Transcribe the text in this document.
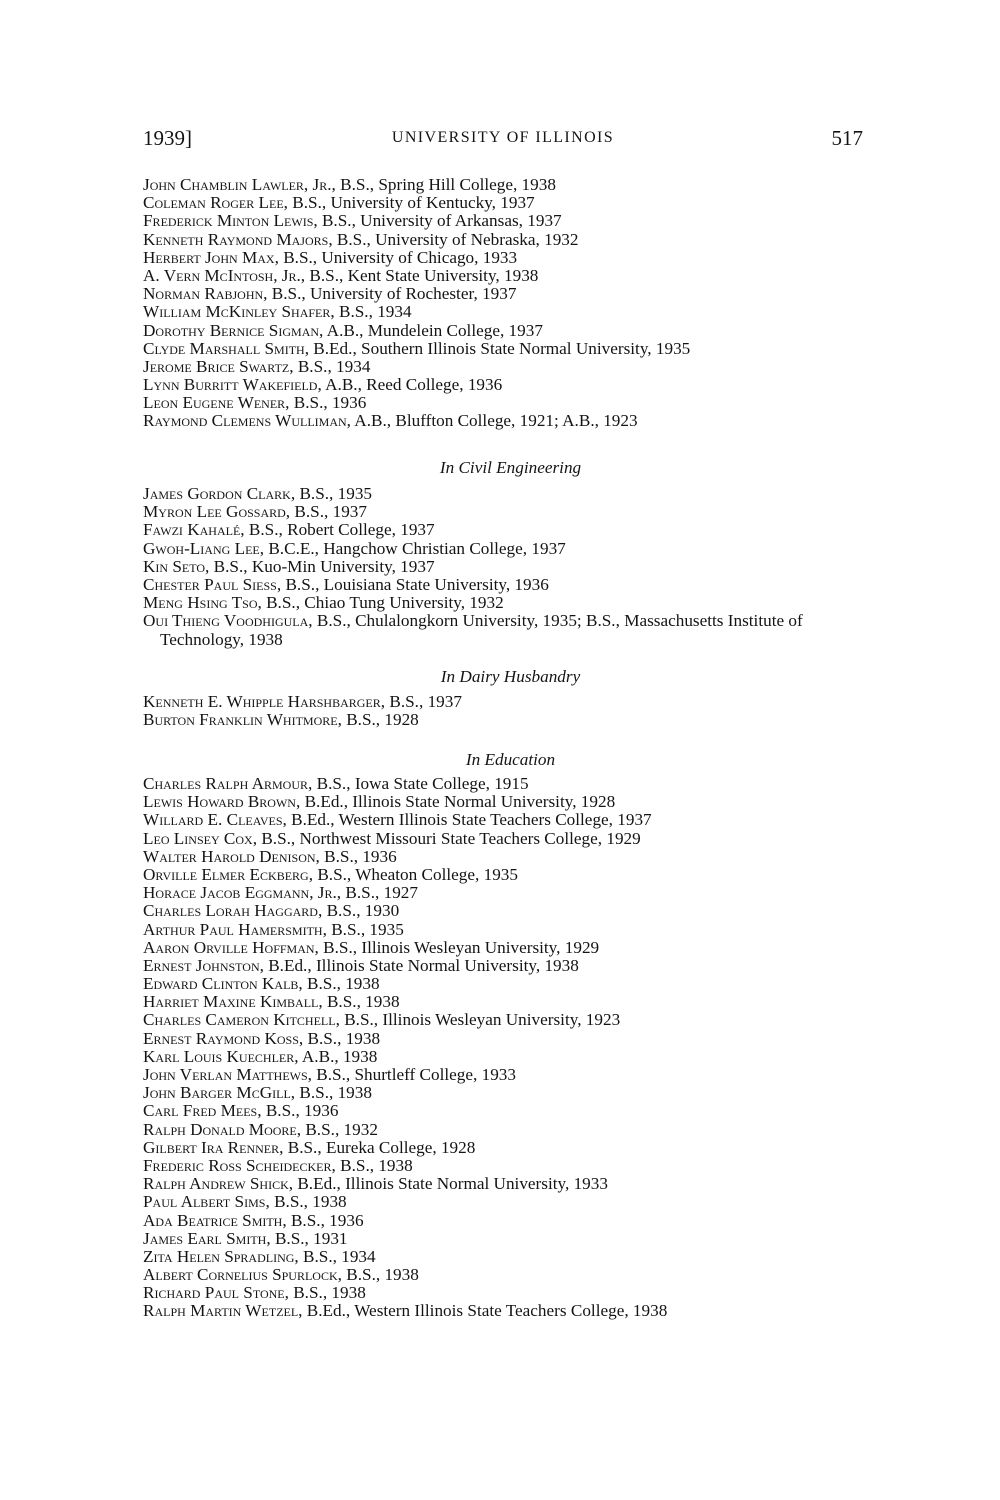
1939]	UNIVERSITY OF ILLINOIS	517
John Chamblin Lawler, Jr., B.S., Spring Hill College, 1938
Coleman Roger Lee, B.S., University of Kentucky, 1937
Frederick Minton Lewis, B.S., University of Arkansas, 1937
Kenneth Raymond Majors, B.S., University of Nebraska, 1932
Herbert John Max, B.S., University of Chicago, 1933
A. Vern McIntosh, Jr., B.S., Kent State University, 1938
Norman Rabjohn, B.S., University of Rochester, 1937
William McKinley Shafer, B.S., 1934
Dorothy Bernice Sigman, A.B., Mundelein College, 1937
Clyde Marshall Smith, B.Ed., Southern Illinois State Normal University, 1935
Jerome Brice Swartz, B.S., 1934
Lynn Burritt Wakefield, A.B., Reed College, 1936
Leon Eugene Wener, B.S., 1936
Raymond Clemens Wulliman, A.B., Bluffton College, 1921; A.B., 1923
In Civil Engineering
James Gordon Clark, B.S., 1935
Myron Lee Gossard, B.S., 1937
Fawzi Kahalé, B.S., Robert College, 1937
Gwoh-Liang Lee, B.C.E., Hangchow Christian College, 1937
Kin Seto, B.S., Kuo-Min University, 1937
Chester Paul Siess, B.S., Louisiana State University, 1936
Meng Hsing Tso, B.S., Chiao Tung University, 1932
Oui Thieng Voodhigula, B.S., Chulalongkorn University, 1935; B.S., Massachusetts Institute of Technology, 1938
In Dairy Husbandry
Kenneth E. Whipple Harshbarger, B.S., 1937
Burton Franklin Whitmore, B.S., 1928
In Education
Charles Ralph Armour, B.S., Iowa State College, 1915
Lewis Howard Brown, B.Ed., Illinois State Normal University, 1928
Willard E. Cleaves, B.Ed., Western Illinois State Teachers College, 1937
Leo Linsey Cox, B.S., Northwest Missouri State Teachers College, 1929
Walter Harold Denison, B.S., 1936
Orville Elmer Eckberg, B.S., Wheaton College, 1935
Horace Jacob Eggmann, Jr., B.S., 1927
Charles Lorah Haggard, B.S., 1930
Arthur Paul Hamersmith, B.S., 1935
Aaron Orville Hoffman, B.S., Illinois Wesleyan University, 1929
Ernest Johnston, B.Ed., Illinois State Normal University, 1938
Edward Clinton Kalb, B.S., 1938
Harriet Maxine Kimball, B.S., 1938
Charles Cameron Kitchell, B.S., Illinois Wesleyan University, 1923
Ernest Raymond Koss, B.S., 1938
Karl Louis Kuechler, A.B., 1938
John Verlan Matthews, B.S., Shurtleff College, 1933
John Barger McGill, B.S., 1938
Carl Fred Mees, B.S., 1936
Ralph Donald Moore, B.S., 1932
Gilbert Ira Renner, B.S., Eureka College, 1928
Frederic Ross Scheidecker, B.S., 1938
Ralph Andrew Shick, B.Ed., Illinois State Normal University, 1933
Paul Albert Sims, B.S., 1938
Ada Beatrice Smith, B.S., 1936
James Earl Smith, B.S., 1931
Zita Helen Spradling, B.S., 1934
Albert Cornelius Spurlock, B.S., 1938
Richard Paul Stone, B.S., 1938
Ralph Martin Wetzel, B.Ed., Western Illinois State Teachers College, 1938
